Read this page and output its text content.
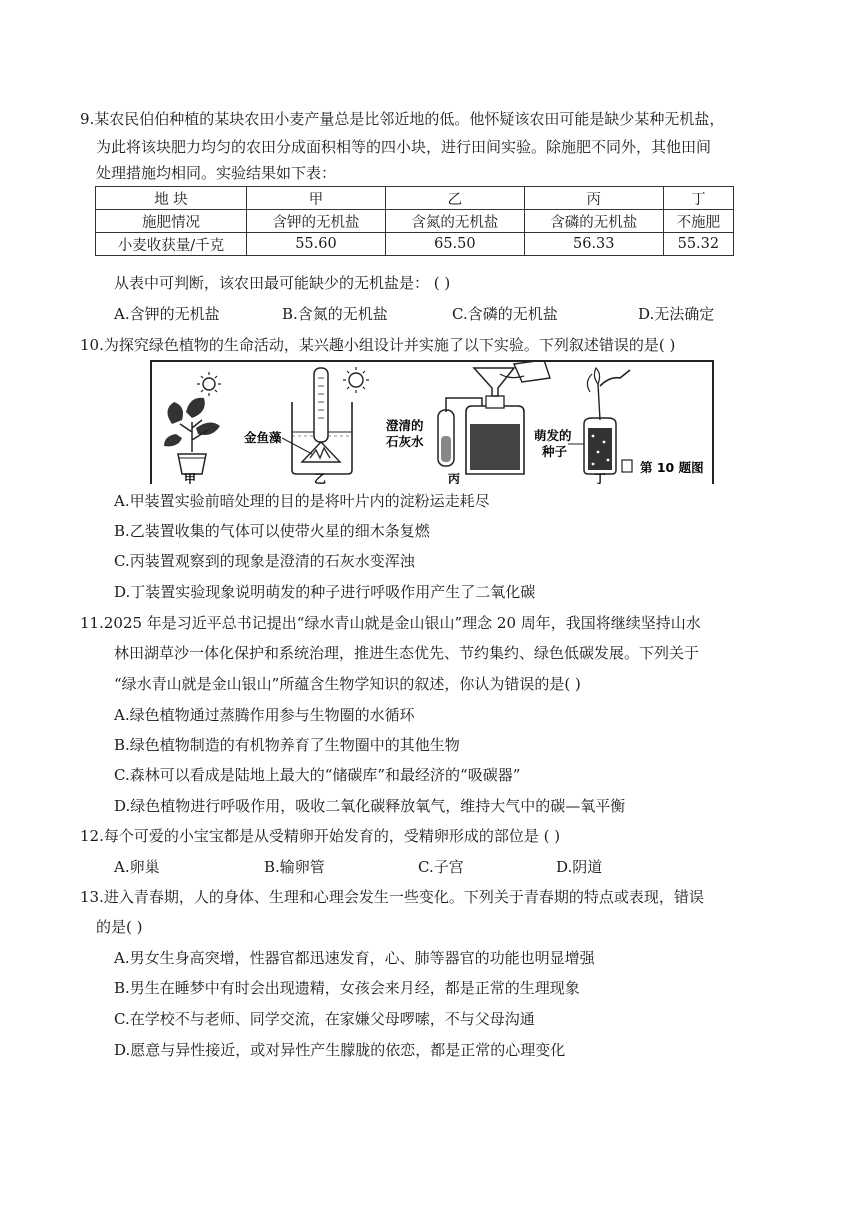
9.某农民伯伯种植的某块农田小麦产量总是比邻近地的低。他怀疑该农田可能是缺少某种无机盐，
为此将该块肥力均匀的农田分成面积相等的四小块，进行田间实验。除施肥不同外，其他田间
处理措施均相同。实验结果如下表：
地 块	甲	乙	丙	丁
施肥情况	含钾的无机盐	含氮的无机盐	含磷的无机盐	不施肥
小麦收获量/千克	55.60	65.50	56.33	55.32
从表中可判断，该农田最可能缺少的无机盐是： ( )
A.含钾的无机盐	B.含氮的无机盐	C.含磷的无机盐	D.无法确定
10.为探究绿色植物的生命活动，某兴趣小组设计并实施了以下实验。下列叙述错误的是( )
甲
金鱼藻
乙
澄清的
石灰水
丙
萌发的
种子
丁
第 10 题图
A.甲装置实验前暗处理的目的是将叶片内的淀粉运走耗尽
B.乙装置收集的气体可以使带火星的细木条复燃
C.丙装置观察到的现象是澄清的石灰水变浑浊
D.丁装置实验现象说明萌发的种子进行呼吸作用产生了二氧化碳
11.2025 年是习近平总书记提出“绿水青山就是金山银山”理念 20 周年，我国将继续坚持山水
林田湖草沙一体化保护和系统治理，推进生态优先、节约集约、绿色低碳发展。下列关于
“绿水青山就是金山银山”所蕴含生物学知识的叙述，你认为错误的是( )
A.绿色植物通过蒸腾作用参与生物圈的水循环
B.绿色植物制造的有机物养育了生物圈中的其他生物
C.森林可以看成是陆地上最大的“储碳库”和最经济的“吸碳器”
D.绿色植物进行呼吸作用，吸收二氧化碳释放氧气，维持大气中的碳—氧平衡
12.每个可爱的小宝宝都是从受精卵开始发育的，受精卵形成的部位是 ( )
A.卵巢	B.输卵管	C.子宫	D.阴道
13.进入青春期，人的身体、生理和心理会发生一些变化。下列关于青春期的特点或表现，错误
的是( )
A.男女生身高突增，性器官都迅速发育，心、肺等器官的功能也明显增强
B.男生在睡梦中有时会出现遗精，女孩会来月经，都是正常的生理现象
C.在学校不与老师、同学交流，在家嫌父母啰嗦，不与父母沟通
D.愿意与异性接近，或对异性产生朦胧的依恋，都是正常的心理变化
